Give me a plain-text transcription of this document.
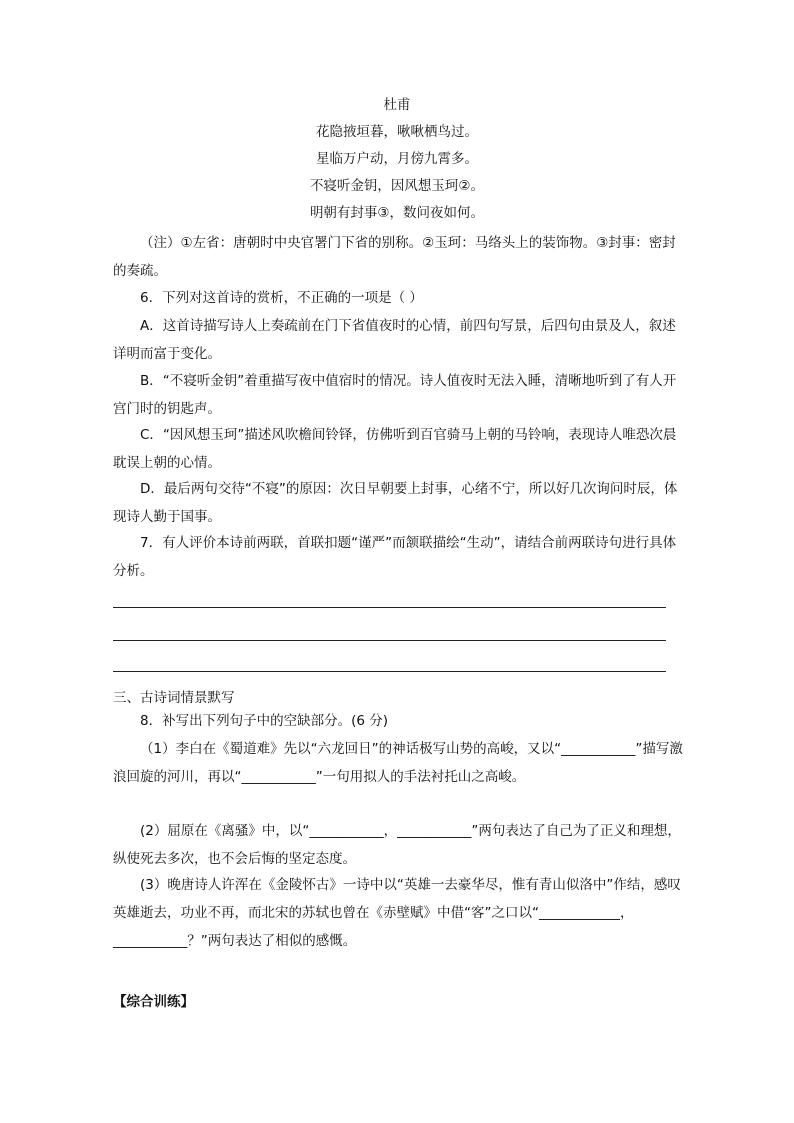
杜甫
花隐掖垣暮，啾啾栖鸟过。
星临万户动，月傍九霄多。
不寝听金钥，因风想玉珂②。
明朝有封事③，数问夜如何。
（注）①左省：唐朝时中央官署门下省的别称。②玉珂：马络头上的装饰物。③封事：密封的奏疏。
6．下列对这首诗的赏析，不正确的一项是（ ）
A．这首诗描写诗人上奏疏前在门下省值夜时的心情，前四句写景，后四句由景及人，叙述详明而富于变化。
B．“不寝听金钥”着重描写夜中值宿时的情况。诗人值夜时无法入睡，清晰地听到了有人开宫门时的钥匙声。
C．“因风想玉珂”描述风吹檐间铃铎，仿佛听到百官骑马上朝的马铃响，表现诗人唯恐次晨耽误上朝的心情。
D．最后两句交待“不寝”的原因：次日早朝要上封事，心绪不宁，所以好几次询问时辰，体现诗人勤于国事。
7．有人评价本诗前两联，首联扣题“谨严”而颔联描绘“生动”，请结合前两联诗句进行具体分析。
三、古诗词情景默写
8．补写出下列句子中的空缺部分。(6 分)
（1）李白在《蜀道难》先以“六龙回日”的神话极写山势的高峻，又以“___________”描写激浪回旋的河川，再以“___________”一句用拟人的手法衬托山之高峻。
(2）屈原在《离骚》中，以“___________，___________”两句表达了自己为了正义和理想，纵使死去多次，也不会后悔的坚定态度。
(3）晚唐诗人许浑在《金陵怀古》一诗中以“英雄一去豪华尽，惟有青山似洛中”作结，感叹英雄逝去，功业不再，而北宋的苏轼也曾在《赤壁赋》中借“客”之口以“____________，___________？”两句表达了相似的感慨。
【综合训练】
